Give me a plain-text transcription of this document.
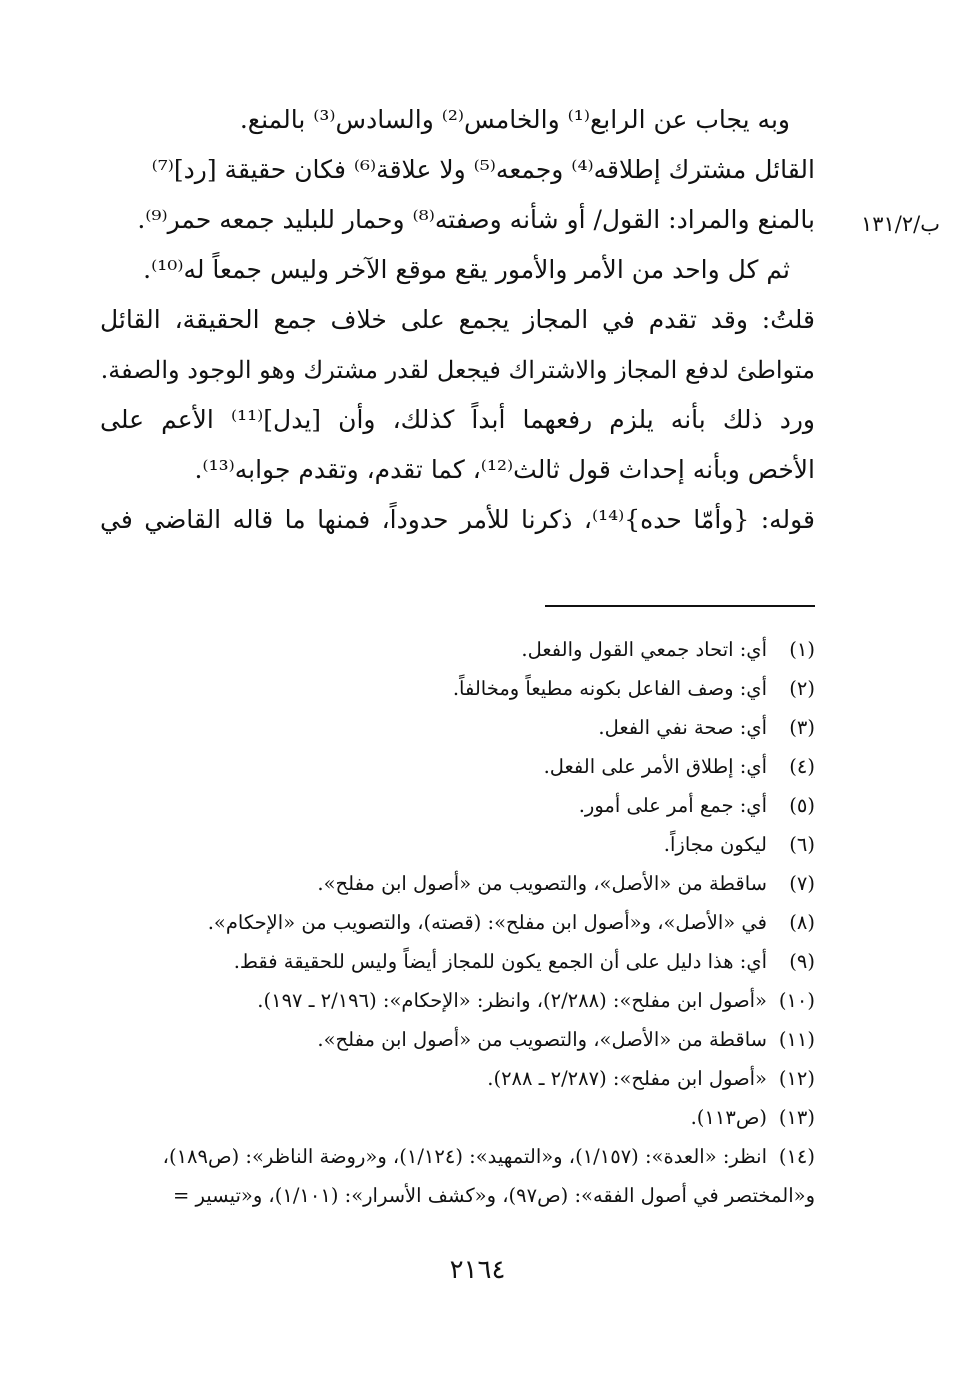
وبه يجاب عن الرابع⁽¹⁾ والخامس⁽²⁾ والسادس⁽³⁾ بالمنع.
القائل مشترك إطلاقه⁽⁴⁾ وجمعه⁽⁵⁾ ولا علاقة⁽⁶⁾ فكان حقيقة [رد]⁽⁷⁾
بالمنع والمراد: القول/ أو شأنه وصفته⁽⁸⁾ وحمار للبليد جمعه حمر⁽⁹⁾.
ثم كل واحد من الأمر والأمور يقع موقع الآخر وليس جمعاً له⁽¹⁰⁾.
قلتُ: وقد تقدم في المجاز يجمع على خلاف جمع الحقيقة، القائل
متواطئ لدفع المجاز والاشتراك فيجعل لقدر مشترك وهو الوجود والصفة.
ورد ذلك بأنه يلزم رفعهما أبداً كذلك، وأن [يدل]⁽¹¹⁾ الأعم على
الأخص وبأنه إحداث قول ثالث⁽¹²⁾، كما تقدم، وتقدم جوابه⁽¹³⁾.
قوله: {وأمّا حده}⁽¹⁴⁾، ذكرنا للأمر حدوداً، فمنها ما قاله القاضي في
ب/١٣١/٢
(١)
أي: اتحاد جمعي القول والفعل.
(٢)
أي: وصف الفاعل بكونه مطيعاً ومخالفاً.
(٣)
أي: صحة نفي الفعل.
(٤)
أي: إطلاق الأمر على الفعل.
(٥)
أي: جمع أمر على أمور.
(٦)
ليكون مجازاً.
(٧)
ساقطة من «الأصل»، والتصويب من «أصول ابن مفلح».
(٨)
في «الأصل»، و«أصول ابن مفلح»: (قصته)، والتصويب من «الإحكام».
(٩)
أي: هذا دليل على أن الجمع يكون للمجاز أيضاً وليس للحقيقة فقط.
(١٠)
«أصول ابن مفلح»: (٢/٢٨٨)، وانظر: «الإحكام»: (٢/١٩٦ ـ ١٩٧).
(١١)
ساقطة من «الأصل»، والتصويب من «أصول ابن مفلح».
(١٢)
«أصول ابن مفلح»: (٢/٢٨٧ ـ ٢٨٨).
(١٣)
(ص١١٣).
(١٤)
انظر: «العدة»: (١/١٥٧)، و«التمهيد»: (١/١٢٤)، و«روضة الناظر»: (ص١٨٩)،
و«المختصر في أصول الفقه»: (ص٩٧)، و«كشف الأسرار»: (١/١٠١)، و«تيسير =
٢١٦٤
